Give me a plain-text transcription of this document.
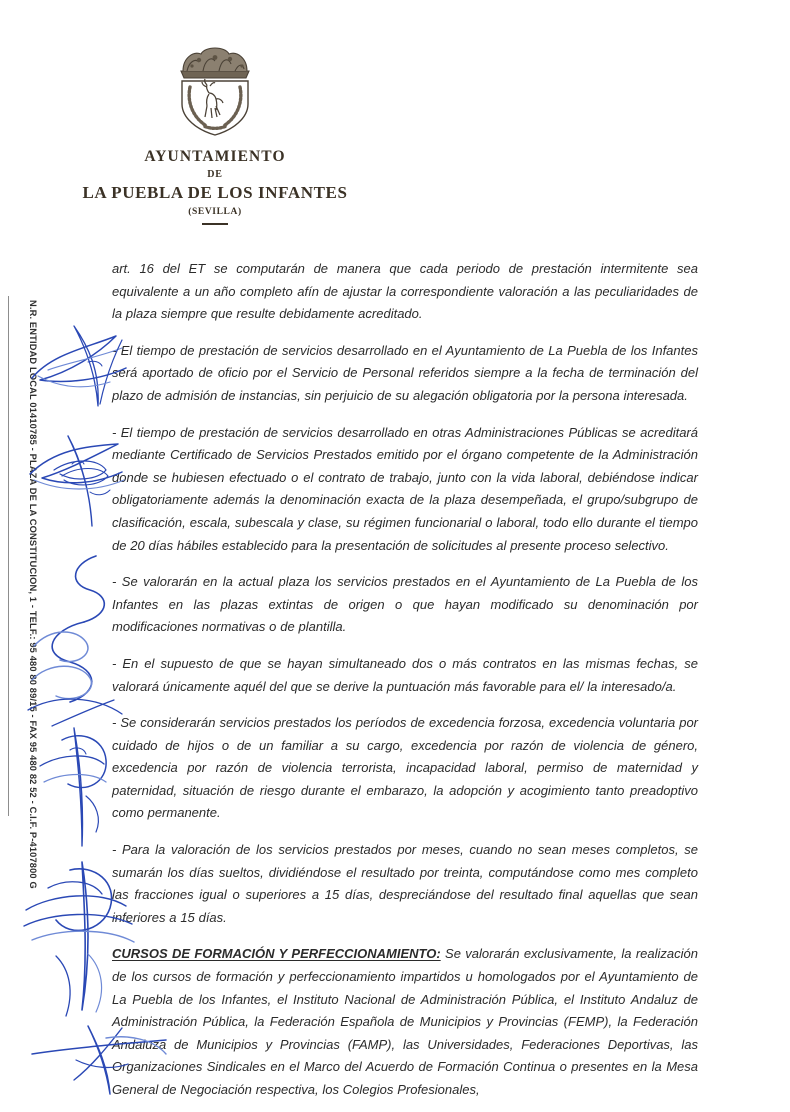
AYUNTAMIENTO
DE
LA PUEBLA DE LOS INFANTES
(SEVILLA)
N.R. ENTIDAD LOCAL 01410785 - PLAZA DE LA CONSTITUCION, 1 - TELF.: 95 480 80 89/15 - FAX 95 480 82 52 - C.I.F. P-4107800 G

art. 16 del ET se computarán de manera que cada periodo de prestación intermitente sea equivalente a un año completo afín de ajustar la correspondiente valoración a las peculiaridades de la plaza siempre que resulte debidamente acreditado.

- El tiempo de prestación de servicios desarrollado en el Ayuntamiento de La Puebla de los Infantes será aportado de oficio por el Servicio de Personal referidos siempre a la fecha de terminación del plazo de admisión de instancias, sin perjuicio de su alegación obligatoria por la persona interesada.

- El tiempo de prestación de servicios desarrollado en otras Administraciones Públicas se acreditará mediante Certificado de Servicios Prestados emitido por el órgano competente de la Administración donde se hubiesen efectuado o el contrato de trabajo, junto con la vida laboral, debiéndose indicar obligatoriamente además la denominación exacta de la plaza desempeñada, el grupo/subgrupo de clasificación, escala, subescala y clase, su régimen funcionarial o laboral, todo ello durante el tiempo de 20 días hábiles establecido para la presentación de solicitudes al presente proceso selectivo.

- Se valorarán en la actual plaza los servicios prestados en el Ayuntamiento de La Puebla de los Infantes en las plazas extintas de origen o que hayan modificado su denominación por modificaciones normativas o de plantilla.

- En el supuesto de que se hayan simultaneado dos o más contratos en las mismas fechas, se valorará únicamente aquél del que se derive la puntuación más favorable para el/ la interesado/a.

- Se considerarán servicios prestados los períodos de excedencia forzosa, excedencia voluntaria por cuidado de hijos o de un familiar a su cargo, excedencia por razón de violencia de género, excedencia por razón de violencia terrorista, incapacidad laboral, permiso de maternidad y paternidad, situación de riesgo durante el embarazo, la adopción y acogimiento tanto preadoptivo como permanente.

- Para la valoración de los servicios prestados por meses, cuando no sean meses completos, se sumarán los días sueltos, dividiéndose el resultado por treinta, computándose como mes completo las fracciones igual o superiores a 15 días, despreciándose del resultado final aquellas que sean inferiores a 15 días.

CURSOS DE FORMACIÓN Y PERFECCIONAMIENTO: Se valorarán exclusivamente, la realización de los cursos de formación y perfeccionamiento impartidos u homologados por el Ayuntamiento de La Puebla de los Infantes, el Instituto Nacional de Administración Pública, el Instituto Andaluz de Administración Pública, la Federación Española de Municipios y Provincias (FEMP), la Federación Andaluza de Municipios y Provincias (FAMP), las Universidades, Federaciones Deportivas, las Organizaciones Sindicales en el Marco del Acuerdo de Formación Continua o presentes en la Mesa General de Negociación respectiva, los Colegios Profesionales,
